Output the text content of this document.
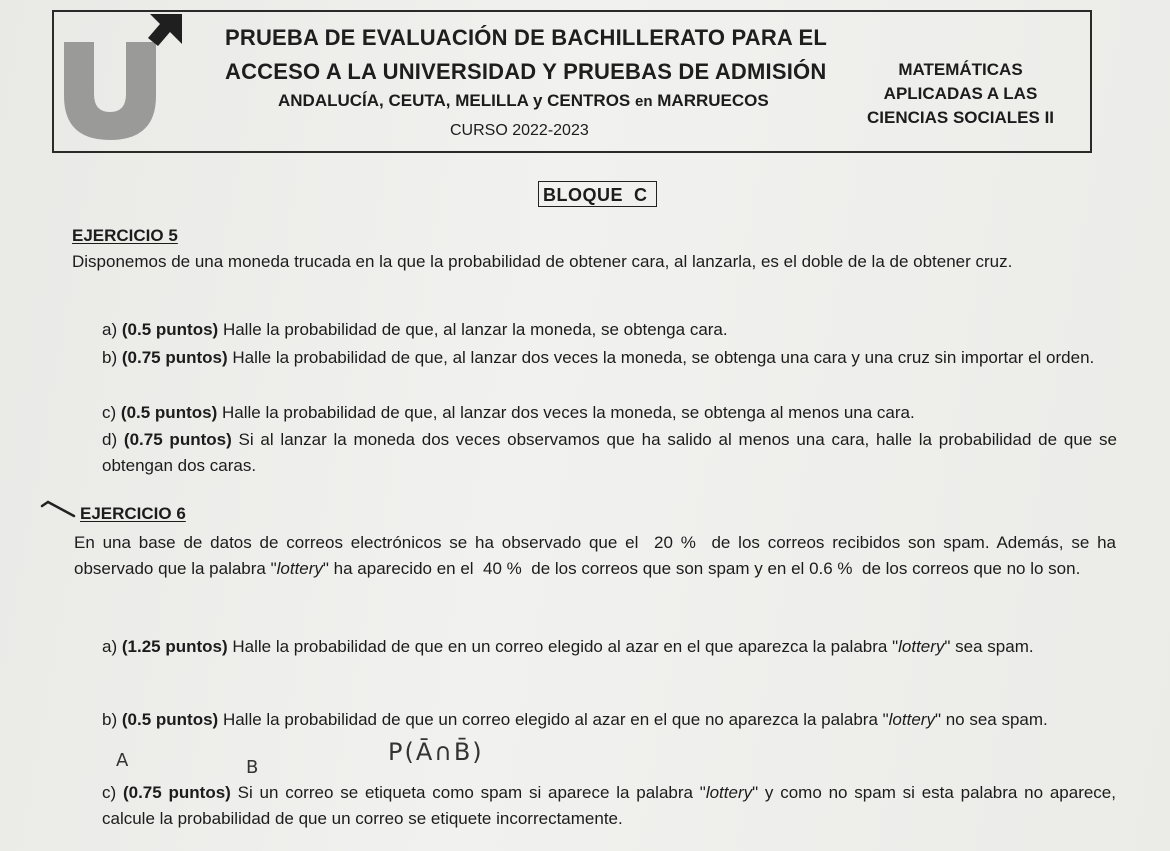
PRUEBA DE EVALUACIÓN DE BACHILLERATO PARA EL
ACCESO A LA UNIVERSIDAD Y PRUEBAS DE ADMISIÓN
ANDALUCÍA, CEUTA, MELILLA y CENTROS en MARRUECOS
CURSO 2022-2023
MATEMÁTICAS
APLICADAS A LAS
CIENCIAS SOCIALES II
BLOQUE  C
EJERCICIO 5
Disponemos de una moneda trucada en la que la probabilidad de obtener cara, al lanzarla, es el doble de la de obtener cruz.
a) (0.5 puntos) Halle la probabilidad de que, al lanzar la moneda, se obtenga cara.
b) (0.75 puntos) Halle la probabilidad de que, al lanzar dos veces la moneda, se obtenga una cara y una cruz sin importar el orden.
c) (0.5 puntos) Halle la probabilidad de que, al lanzar dos veces la moneda, se obtenga al menos una cara.
d) (0.75 puntos) Si al lanzar la moneda dos veces observamos que ha salido al menos una cara, halle la probabilidad de que se obtengan dos caras.
EJERCICIO 6
En una base de datos de correos electrónicos se ha observado que el 20 % de los correos recibidos son spam. Además, se ha observado que la palabra "lottery" ha aparecido en el 40 % de los correos que son spam y en el 0.6 % de los correos que no lo son.
a) (1.25 puntos) Halle la probabilidad de que en un correo elegido al azar en el que aparezca la palabra "lottery" sea spam.
b) (0.5 puntos) Halle la probabilidad de que un correo elegido al azar en el que no aparezca la palabra "lottery" no sea spam.
A	B
P(Ā∩B̄)
c) (0.75 puntos) Si un correo se etiqueta como spam si aparece la palabra "lottery" y como no spam si esta palabra no aparece, calcule la probabilidad de que un correo se etiquete incorrectamente.
